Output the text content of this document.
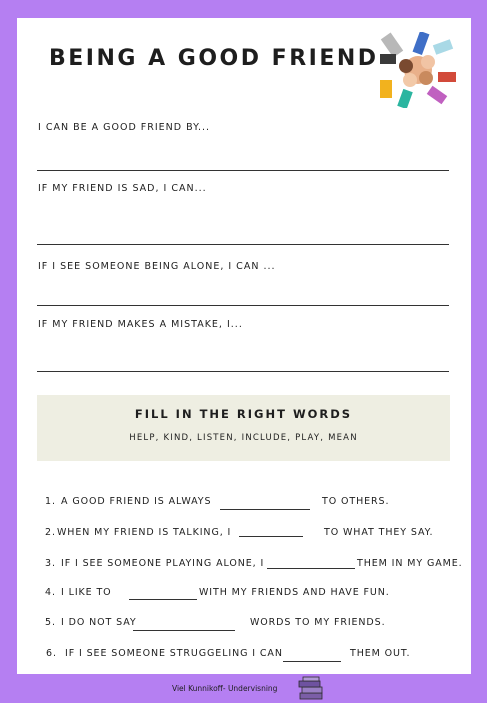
BEING A GOOD FRIEND
I CAN BE A GOOD FRIEND BY...
IF MY FRIEND IS SAD, I CAN...
IF I SEE SOMEONE BEING ALONE, I CAN ...
IF MY FRIEND MAKES A MISTAKE, I...
FILL IN THE RIGHT WORDS
HELP, KIND, LISTEN, INCLUDE, PLAY, MEAN
1. A GOOD FRIEND IS ALWAYS	TO OTHERS.
2. WHEN MY FRIEND IS TALKING, I	TO WHAT THEY SAY.
3. IF I SEE SOMEONE PLAYING ALONE, I	THEM IN MY GAME.
4. I LIKE TO	WITH MY FRIENDS AND HAVE FUN.
5. I DO NOT SAY	WORDS TO MY FRIENDS.
6. IF I SEE SOMEONE STRUGGELING I CAN	THEM OUT.
Viel Kunnikoff- Undervisning
